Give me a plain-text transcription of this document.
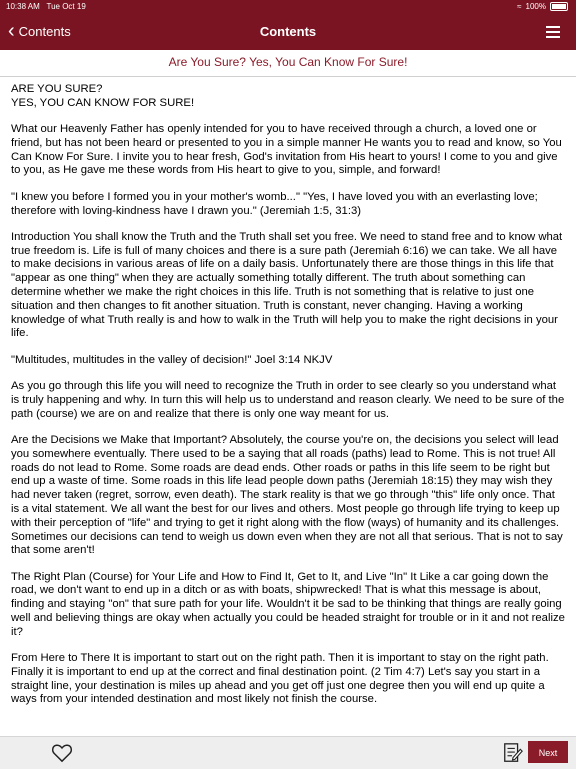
10:38 AM Tue Oct 19	≈ 100%
‹ Contents	Contents
Are You Sure? Yes, You Can Know For Sure!

ARE YOU SURE?
YES, YOU CAN KNOW FOR SURE!

What our Heavenly Father has openly intended for you to have received through a church, a loved one or friend, but has not been heard or presented to you in a simple manner He wants you to read and know, so You Can Know For Sure. I invite you to hear fresh, God's invitation from His heart to yours! I come to you and give to you, as He gave me these words from His heart to give to you, simple, and forward!

"I knew you before I formed you in your mother's womb..." "Yes, I have loved you with an everlasting love; therefore with loving-kindness have I drawn you." (Jeremiah 1:5, 31:3)

Introduction You shall know the Truth and the Truth shall set you free. We need to stand free and to know what true freedom is. Life is full of many choices and there is a sure path (Jeremiah 6:16) we can take. We all have to make decisions in various areas of life on a daily basis. Unfortunately there are those things in this life that "appear as one thing" when they are actually something totally different. The truth about something can determine whether we make the right choices in this life. Truth is not something that is relative to just one situation and then changes to fit another situation. Truth is constant, never changing. Having a working knowledge of what Truth really is and how to walk in the Truth will help you to make the right decisions in your life.

"Multitudes, multitudes in the valley of decision!" Joel 3:14 NKJV

As you go through this life you will need to recognize the Truth in order to see clearly so you understand what is truly happening and why. In turn this will help us to understand and reason clearly. We need to be sure of the path (course) we are on and realize that there is only one way meant for us.

Are the Decisions we Make that Important? Absolutely, the course you're on, the decisions you select will lead you somewhere eventually. There used to be a saying that all roads (paths) lead to Rome. This is not true! All roads do not lead to Rome. Some roads are dead ends. Other roads or paths in this life seem to be right but end up a waste of time. Some roads in this life lead people down paths (Jeremiah 18:15) they may wish they had never taken (regret, sorrow, even death). The stark reality is that we go through "this" life only once. That is a vital statement. We all want the best for our lives and others. Most people go through life trying to keep up with their perception of "life" and trying to get it right along with the flow (ways) of humanity and its challenges. Sometimes our decisions can tend to weigh us down even when they are not all that serious. That is not to say that some aren't!

The Right Plan (Course) for Your Life and How to Find It, Get to It, and Live "In" It Like a car going down the road, we don't want to end up in a ditch or as with boats, shipwrecked! That is what this message is about, finding and staying "on" that sure path for your life. Wouldn't it be sad to be thinking that things are really going well and believing things are okay when actually you could be headed straight for trouble or in it and not realize it?

From Here to There It is important to start out on the right path. Then it is important to stay on the right path. Finally it is important to end up at the correct and final destination point. (2 Tim 4:7) Let's say you start in a straight line, your destination is miles up ahead and you get off just one degree then you will end up quite a ways from your intended destination and most likely not finish the course.

Next
